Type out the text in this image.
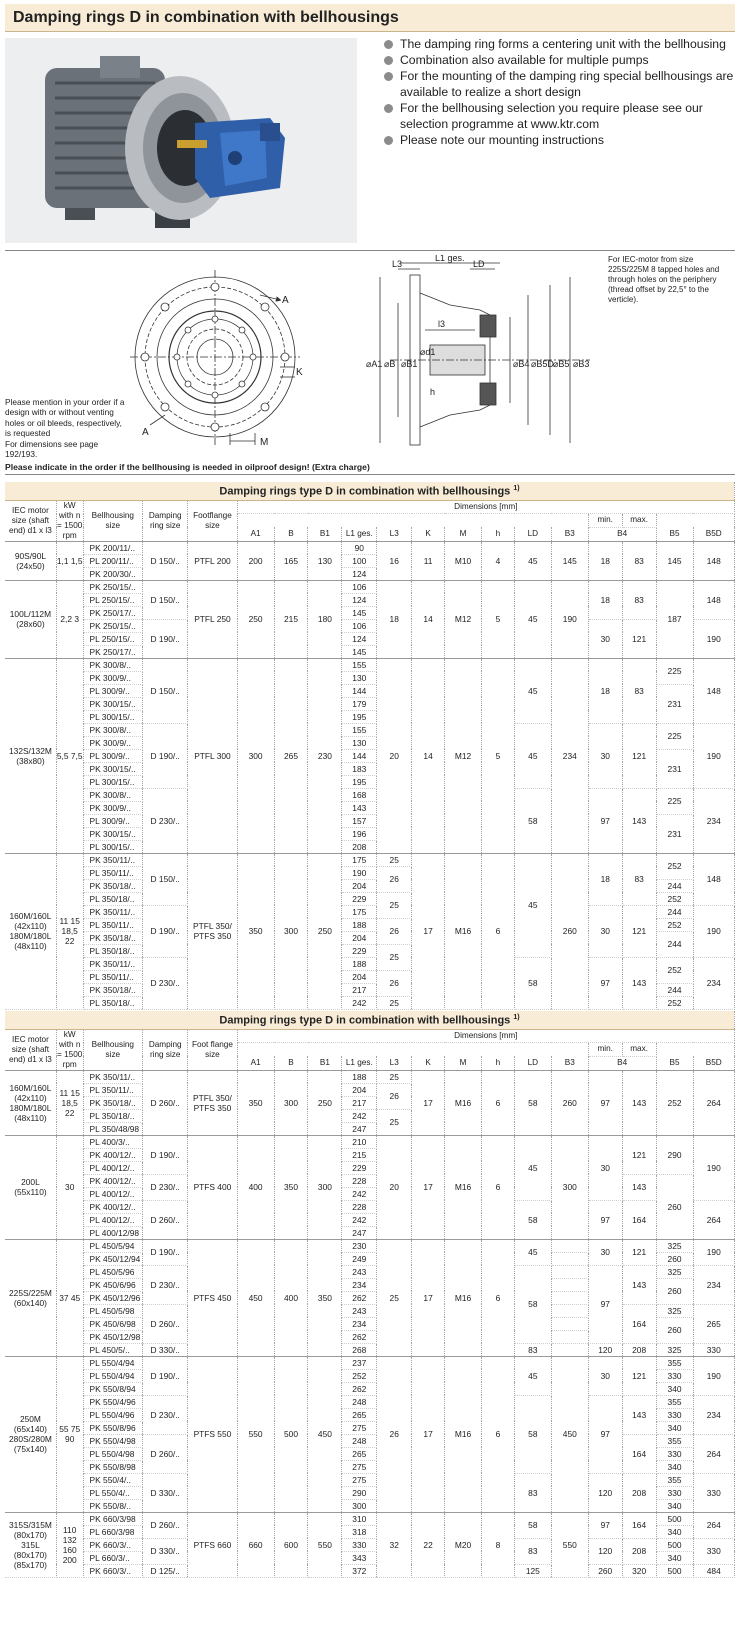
Damping rings D in combination with bellhousings
The damping ring forms a centering unit with the bellhousing
Combination also available for multiple pumps
For the mounting of the damping ring special bellhousings are available to realize a short design
For the bellhousing selection you require please see our selection programme at www.ktr.com
Please note our mounting instructions
A
A
K
M
L1 ges.
L3	LD
l3
h
⌀A1 ⌀B ⌀B1
⌀d1
⌀B4 ⌀B5D ⌀B5 ⌀B3
Please mention in your order if a design with or without venting holes or oil bleeds, respectively, is requested
For dimensions see page 192/193.
For IEC-motor from size 225S/225M 8 tapped holes and through holes on the periphery (thread offset by 22,5° to the verticle).
Please indicate in the order if the bellhousing is needed in oilproof design! (Extra charge)
Damping rings type D in combination with bellhousings $^{1)}$
IEC motor size (shaft end) d1 x l3	kW with n = 1500 rpm	Bellhousing size	Damping ring size	Footflange size	Dimensions [mm]													
															min.	max.		
					A1	B	B1	L1 ges.	L3	K	M	h	LD	B3	B4		B5	B5D
90S/90L (24x50)	1,1 1,5	PK 200/11/..	D 150/..	PTFL 200	200	165	130	90	16	11	M10	4	45	145	18	83	145	148
		PL 200/11/..						100										
		PK 200/30/..						124										
100L/112M (28x60)	2,2 3	PK 250/15/..	D 150/..	PTFL 250	250	215	180	106	18	14	M12	5	45	190	18	83	187	148
		PL 250/15/..						124										
		PK 250/17/..						145										
		PK 250/15/..	D 190/..					106							30	121		190
		PL 250/15/..						124										
		PK 250/17/..						145										
132S/132M (38x80)	5,5 7,5	PK 300/8/..	D 150/..	PTFL 300	300	265	230	155	20	14	M12	5	45	234	18	83	225	148
		PK 300/9/..						130										
		PL 300/9/..						144									231	
		PK 300/15/..						179										
		PL 300/15/..						195										
		PK 300/8/..	D 190/..					155					45		30	121	225	190
		PK 300/9/..						130										
		PL 300/9/..						144									231	
		PK 300/15/..						183										
		PL 300/15/..						195										
		PK 300/8/..	D 230/..					168					58		97	143	225	234
		PK 300/9/..						143										
		PL 300/9/..						157									231	
		PK 300/15/..						196										
		PL 300/15/..						208										
160M/160L (42x110) 180M/180L (48x110)	11 15 18,5 22	PK 350/11/..	D 150/..	PTFL 350/ PTFS 350	350	300	250	175	25	17	M16	6	45	260	18	83	252	148
		PL 350/11/..						190	26									
		PK 350/18/..						204									244	
		PL 350/18/..						229	25								252	
		PK 350/11/..	D 190/..					175							30	121	244	190
		PL 350/11/..						188	26								252	
		PK 350/18/..						204									244	
		PL 350/18/..						229	25									
		PK 350/11/..	D 230/..					188					58		97	143	252	234
		PL 350/11/..						204	26									
		PK 350/18/..						217									244	
		PL 350/18/..						242	25								252	
Damping rings type D in combination with bellhousings $^{1)}$
IEC motor size (shaft end) d1 x l3	kW with n = 1500 rpm	Bellhousing size	Damping ring size	Foot flange size	Dimensions [mm]													
															min.	max.		
					A1	B	B1	L1 ges.	L3	K	M	h	LD	B3	B4		B5	B5D
160M/160L (42x110) 180M/180L (48x110)	11 15 18,5 22	PK 350/11/..	D 260/..	PTFL 350/ PTFS 350	350	300	250	188	25	17	M16	6	58	260	97	143	252	264
		PL 350/11/..						204	26									
		PK 350/18/..						217										
		PL 350/18/..						242	25									
		PL 350/48/98						247										
200L (55x110)	30	PL 400/3/..	D 190/..	PTFS 400	400	350	300	210	20	17	M16	6	45	300	30	121	290	190
		PK 400/12/..						215										
		PL 400/12/..						229										
		PK 400/12/..	D 230/..					228								143	260	
		PL 400/12/..						242										
		PK 400/12/..	D 260/..					228					58		97	164		264
		PL 400/12/..						242										
		PL 400/12/98						247										
225S/225M (60x140)	37 45	PL 450/5/94	D 190/..	PTFS 450	450	400	350	230	25	17	M16	6	45		30	121	325	190
		PK 450/12/94						249									260	
		PL 450/5/96	D 230/..					243					58		97	143	325	234
		PK 450/6/96						234									260	
		PK 450/12/96						262										
		PL 450/5/98	D 260/..					243								164	325	265
		PK 450/6/98						234									260	
		PK 450/12/98						262										
		PL 450/5/..	D 330/..					268					83		120	208	325	330
250M (65x140) 280S/280M (75x140)	55 75 90	PL 550/4/94	D 190/..	PTFS 550	550	500	450	237	26	17	M16	6	45	450	30	121	355	190
		PL 550/4/94						252									330	
		PK 550/8/94						262									340	
		PK 550/4/96	D 230/..					248					58		97	143	355	234
		PL 550/4/96						265									330	
		PK 550/8/96						275									340	
		PK 550/4/98	D 260/..					248								164	355	264
		PL 550/4/98						265									330	
		PK 550/8/98						275									340	
		PK 550/4/..	D 330/..					275					83		120	208	355	330
		PL 550/4/..						290									330	
		PK 550/8/..						300									340	
315S/315M (80x170) 315L (80x170) (85x170)	110 132 160 200	PK 660/3/98	D 260/..	PTFS 660	660	600	550	310	32	22	M20	8	58	550	97	164	500	264
		PL 660/3/98						318									340	
		PK 660/3/..	D 330/..					330					83		120	208	500	330
		PL 660/3/..						343									340	
		PK 660/3/..	D 125/..					372					125		260	320	500	484
